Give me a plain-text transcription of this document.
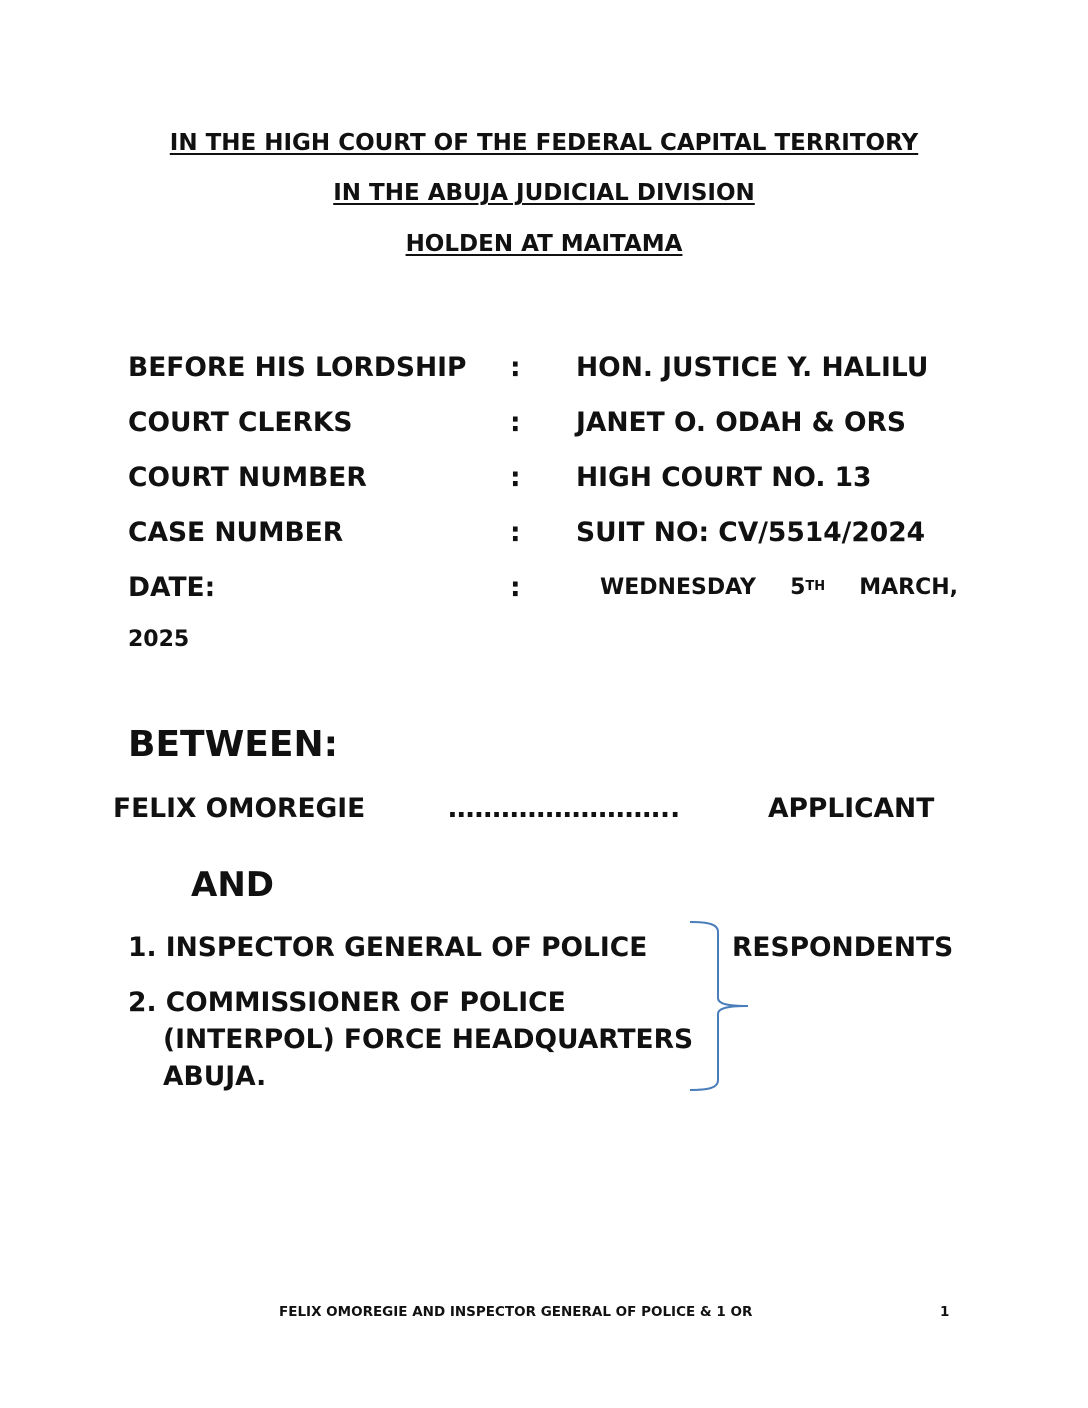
IN THE HIGH COURT OF THE FEDERAL CAPITAL TERRITORY
IN THE ABUJA JUDICIAL DIVISION
HOLDEN AT MAITAMA
BEFORE HIS LORDSHIP : HON. JUSTICE Y. HALILU
COURT CLERKS	: JANET O. ODAH & ORS
COURT NUMBER	: HIGH COURT NO. 13
CASE NUMBER	: SUIT NO: CV/5514/2024
DATE:	:	WEDNESDAY 5TH MARCH,
2025
BETWEEN:
FELIX OMOREGIE	……………………..	APPLICANT
AND
1. INSPECTOR GENERAL OF POLICE	RESPONDENTS
2. COMMISSIONER OF POLICE
(INTERPOL) FORCE HEADQUARTERS
ABUJA.
FELIX OMOREGIE AND INSPECTOR GENERAL OF POLICE & 1 OR	1
